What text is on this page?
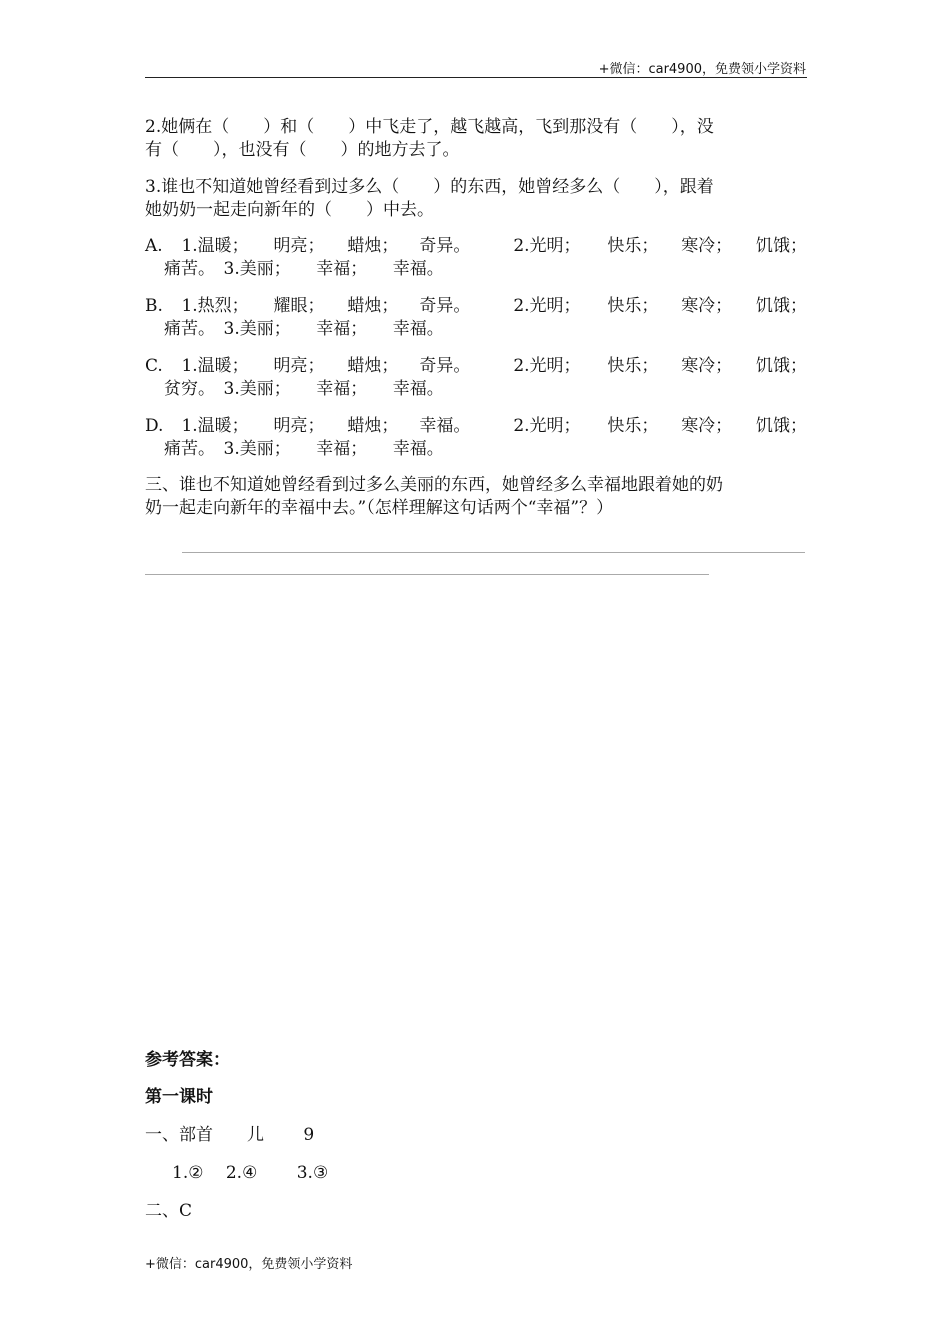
+微信：car4900，免费领小学资料
2.她俩在（　　）和（　　）中飞走了，越飞越高，飞到那没有（　　），没
有（　　），也没有（　　）的地方去了。
3.谁也不知道她曾经看到过多么（　　）的东西，她曾经多么（　　），跟着
她奶奶一起走向新年的（　　）中去。
A.	1.温暖；	明亮；	蜡烛；	奇异。	2.光明；	快乐；	寒冷；	饥饿；
痛苦。　3.美丽；　　幸福；　　幸福。
B.	1.热烈；	耀眼；	蜡烛；	奇异。	2.光明；	快乐；	寒冷；	饥饿；
痛苦。　3.美丽；　　幸福；　　幸福。
C.	1.温暖；	明亮；	蜡烛；	奇异。	2.光明；	快乐；	寒冷；	饥饿；
贫穷。　3.美丽；　　幸福；　　幸福。
D.	1.温暖；	明亮；	蜡烛；	幸福。	2.光明；	快乐；	寒冷；	饥饿；
痛苦。　3.美丽；　　幸福；　　幸福。
三、谁也不知道她曾经看到过多么美丽的东西，她曾经多么幸福地跟着她的奶
奶一起走向新年的幸福中去。”（怎样理解这句话两个“幸福”？）
参考答案：
第一课时
一、部首　　儿　　 9
1.②　 2.④　　 3.③
二、C
+微信：car4900，免费领小学资料
